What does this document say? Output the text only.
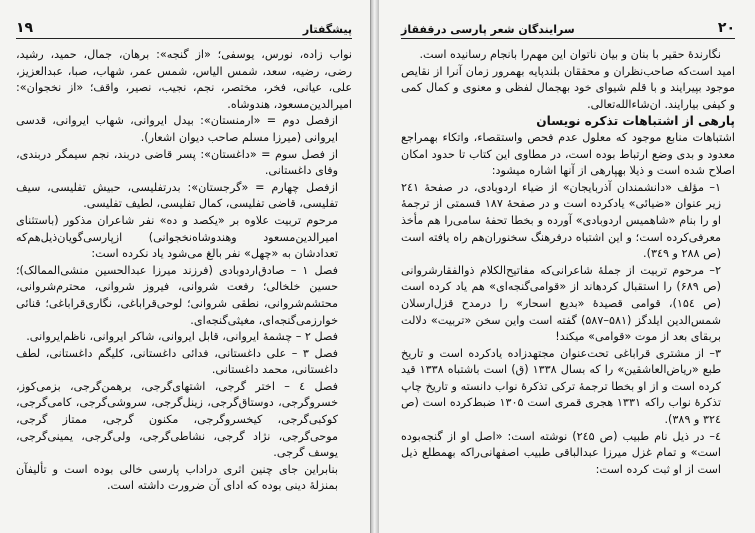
پیشگفتار
۱۹

نواب زاده، نورس، یوسفی؛ «از گنجه»: برهان، جمال، حمید، رشید، رضی، رضیه، سعد، شمس الیاس، شمس عمر، شهاب، صبا، عبدالعزیز، علی، عیانی، فخر، مختصر، نجم، نجیب، نصیر، واقف؛ «از نخجوان»: امیرالدین‌مسعود، هندوشاه.

ازفصل دوم = «ارمنستان»: بیدل ایروانی، شهاب ایروانی، قدسی ایروانی (میرزا مسلم صاحب دیوان اشعار).

از فصل سوم = «داغستان»: پسر قاضی دربند، نجم سیمگر دربندی، وفای داغستانی.

ازفصل چهارم = «گرجستان»: بدرتفلیسی، حبیش تفلیسی، سیف تفلیسی، قاضی تفلیسی، کمال تفلیسی، لطیف تفلیسی.

مرحوم تربیت علاوه بر «یکصد و ده» نفر شاعران مذکور (باستثنای امیرالدین‌مسعود وهندوشاه‌نخجوانی) ازپارسی‌گویان‌ذیل‌هم‌که تعدادشان به «چهل» نفر بالغ می‌شود یاد نکرده است:

فصل ۱ – صادق‌اردوبادی (فرزند میرزا عبدالحسین منشی‌الممالک)؛ حسین خلخالی؛ رفعت شروانی، فیروز شروانی، محترم‌شروانی، محتشم‌شروانی، نطقی شروانی؛ لوحی‌قراباغی، نگاری‌قراباغی؛ قنائی خوارزمی‌گنجه‌ای، مغیثی‌گنجه‌ای.

فصل ۲ – چشمهٔ ایروانی، قابل ایروانی، شاکر ایروانی، ناظم‌ایروانی.

فصل ۳ – علی داغستانی، فدائی داغستانی، کلیگم داغستانی، لطف داغستانی، محمد داغستانی.

فصل ٤ – اختر گرجی، اشتهای‌گرجی، برهمن‌گرجی، بزمی‌کوز، خسروگرجی، دوستاق‌گرجی، زینل‌گرجی، سروشی‌گرجی، کامی‌گرجی، کوکبی‌گرجی، کیخسرو‌گرجی، مکنون گرجی، ممتاز گرجی، موحی‌گرجی، نژاد گرجی، نشاطی‌گرجی، ولی‌گرجی، یمینی‌گرجی، یوسف گرجی.

بنابراین جای چنین اثری دراداب پارسی خالی بوده است و تألیفآن بمنزلهٔ دینی بوده که ادای آن ضرورت داشته است.

۲۰
سرایندگان شعر پارسی درقفقاز

نگارندهٔ حقیر با بنان و بیان ناتوان این مهم‌را بانجام رسانیده است.

امید است‌که صاحب‌نظران و محققان بلندپایه بهمرور زمان آنرا از نقایص موجود بپیرایند و با قلم شیوای خود بهجمال لفظی و معنوی و کمال کمی و کیفی بیارایند. ان‌شاءالله‌تعالی.

پارهی از اشتباهات تذکره نویسان

اشتباهات منابع موجود که معلول عدم فحص واستقصاء، واتکاء بهمراجع معدود و بدی وضع ارتباط بوده است، در مطاوی این کتاب تا حدود امکان اصلاح شده است و ذیلا بهپارهی از آنها اشاره میشود:

۱– مؤلف «دانشمندان آذربایجان» از ضیاء اردوبادی، در صفحهٔ ۲٤۱ زیر عنوان «ضیائی» یادکرده است و در صفحهٔ ۱۸۷ قسمتی از ترجمهٔ او را بنام «شاهمیس اردوبادی» آورده و بخطا تحفهٔ سامی‌را هم مأخذ معرفی‌کرده است؛ و این اشتباه درفرهنگ سخنوران‌هم راه یافته است (ص ۲۸۸ و ۳٤۹).

۲– مرحوم تربیت از جملهٔ شاعرانی‌که مفاتیح‌الکلام ذوالفقارشروانی (ص ۶۸۹) را استقبال کردهاند از «قوامی‌گنجه‌ای» هم یاد کرده است (ص ۱۵٤)، قوامی قصیدهٔ «بدیع اسحار» را درمدح قزل‌ارسلان شمس‌الدین ایلدگز (۵۸۱–۵۸۷) گفته است واین سخن «تربیت» دلالت بربقای بعد از موت «قوامی» میکند!

۳– از مشتری قراباغی تحت‌عنوان مجتهدزاده یادکرده است و تاریخ طبع «ریاض‌العاشقین» را که بسال ۱۳۳۸ (ق) است باشتباه ۱۳۳۸ قید کرده است و از او بخطا ترجمهٔ ترکی تذکرهٔ نواب دانسته و تاریخ چاپ تذکرهٔ نواب را‌که ۱۳۳۱ هجری قمری است ۱۳۰۵ ضبط‌کرده است (ص ۳۲٤ و ۳۸۹).

٤– در ذیل نام طبیب (ص ۲٤۵) نوشته است: «اصل او از گنجه‌بوده است» و تمام غزل میرزا عبدالباقی طبیب اصفهانی‌را‌که بهمطلع ذیل است از او ثبت کرده است:
